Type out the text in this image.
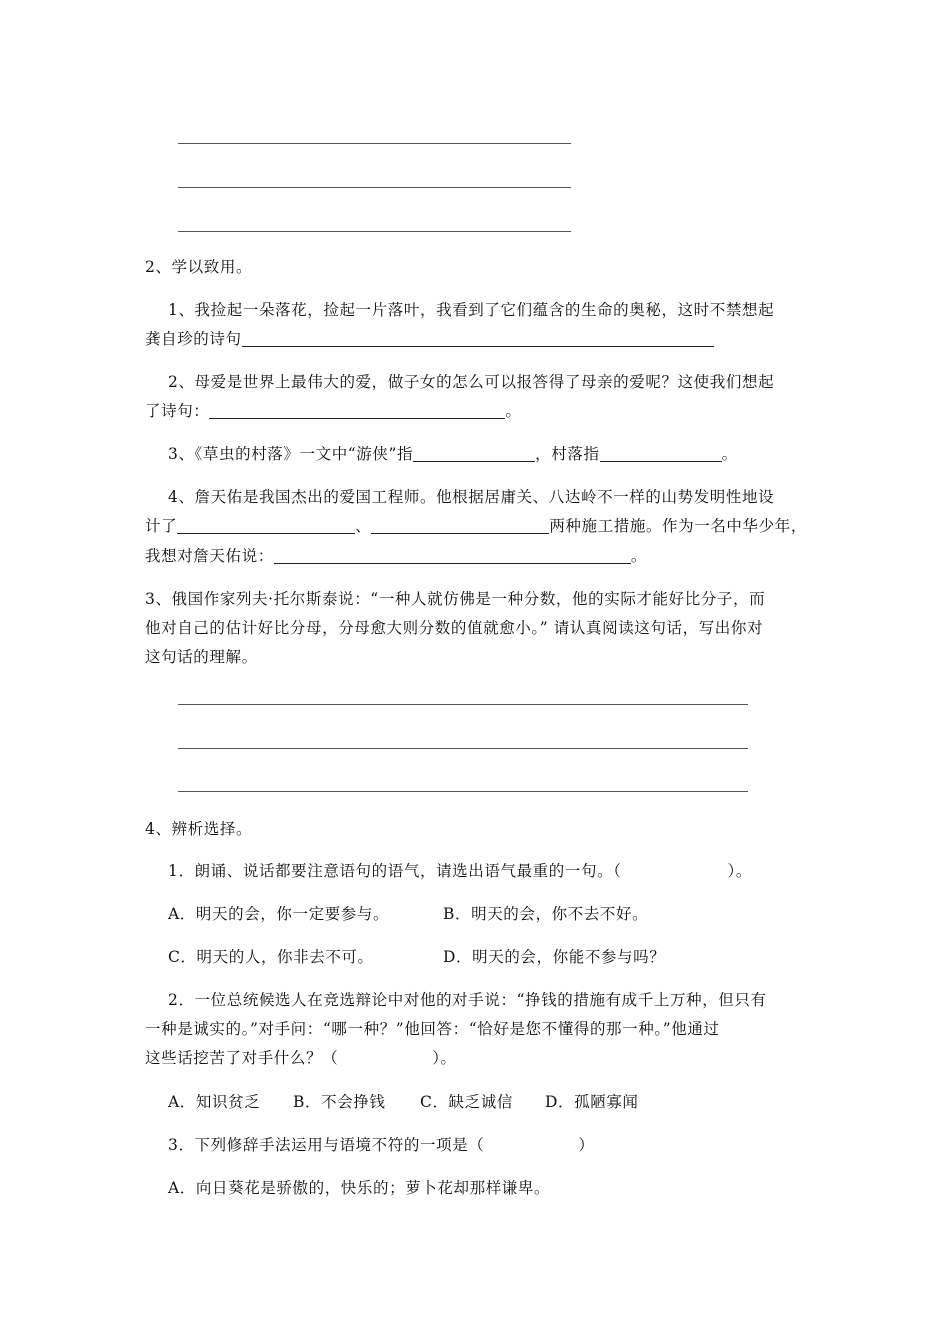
2、学以致用。
1、我捡起一朵落花，捡起一片落叶，我看到了它们蕴含的生命的奥秘，这时不禁想起
龚自珍的诗句
2、母爱是世界上最伟大的爱，做子女的怎么可以报答得了母亲的爱呢？这使我们想起
了诗句：	。
3、《草虫的村落》一文中“游侠”指	，村落指	。
4、詹天佑是我国杰出的爱国工程师。他根据居庸关、八达岭不一样的山势发明性地设
计了	、	两种施工措施。作为一名中华少年，
我想对詹天佑说：	。
3、俄国作家列夫·托尔斯泰说：“一种人就仿佛是一种分数，他的实际才能好比分子，而
他对自己的估计好比分母，分母愈大则分数的值就愈小。” 请认真阅读这句话，写出你对
这句话的理解。
4、辨析选择。
1．朗诵、说话都要注意语句的语气，请选出语气最重的一句。（	）。
A．明天的会，你一定要参与。	B．明天的会，你不去不好。
C．明天的人，你非去不可。	D．明天的会，你能不参与吗？
2．一位总统候选人在竞选辩论中对他的对手说：“挣钱的措施有成千上万种，但只有
一种是诚实的。”对手问：“哪一种？”他回答：“恰好是您不懂得的那一种。”他通过
这些话挖苦了对手什么？（	）。
A．知识贫乏 B．不会挣钱 C．缺乏诚信 D．孤陋寡闻
3．下列修辞手法运用与语境不符的一项是（	）
A．向日葵花是骄傲的，快乐的；萝卜花却那样谦卑。
